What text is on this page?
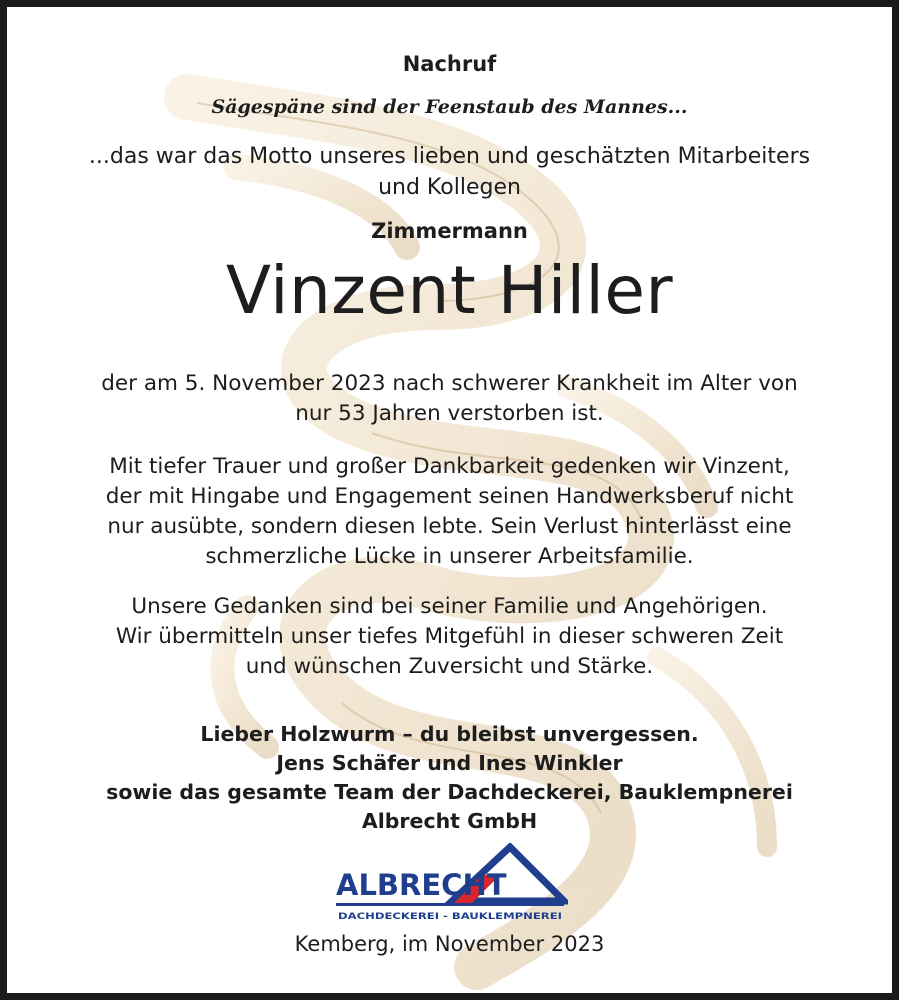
Nachruf

Sägespäne sind der Feenstaub des Mannes...

...das war das Motto unseres lieben und geschätzten Mitarbeiters
und Kollegen

Zimmermann

Vinzent Hiller

der am 5. November 2023 nach schwerer Krankheit im Alter von
nur 53 Jahren verstorben ist.
Mit tiefer Trauer und großer Dankbarkeit gedenken wir Vinzent,
der mit Hingabe und Engagement seinen Handwerksberuf nicht
nur ausübte, sondern diesen lebte. Sein Verlust hinterlässt eine
schmerzliche Lücke in unserer Arbeitsfamilie.
Unsere Gedanken sind bei seiner Familie und Angehörigen.
Wir übermitteln unser tiefes Mitgefühl in dieser schweren Zeit
und wünschen Zuversicht und Stärke.
Lieber Holzwurm – du bleibst unvergessen.
Jens Schäfer und Ines Winkler
sowie das gesamte Team der Dachdeckerei, Bauklempnerei
Albrecht GmbH
ALBRECHT
DACHDECKEREI - BAUKLEMPNEREI

Kemberg, im November 2023
